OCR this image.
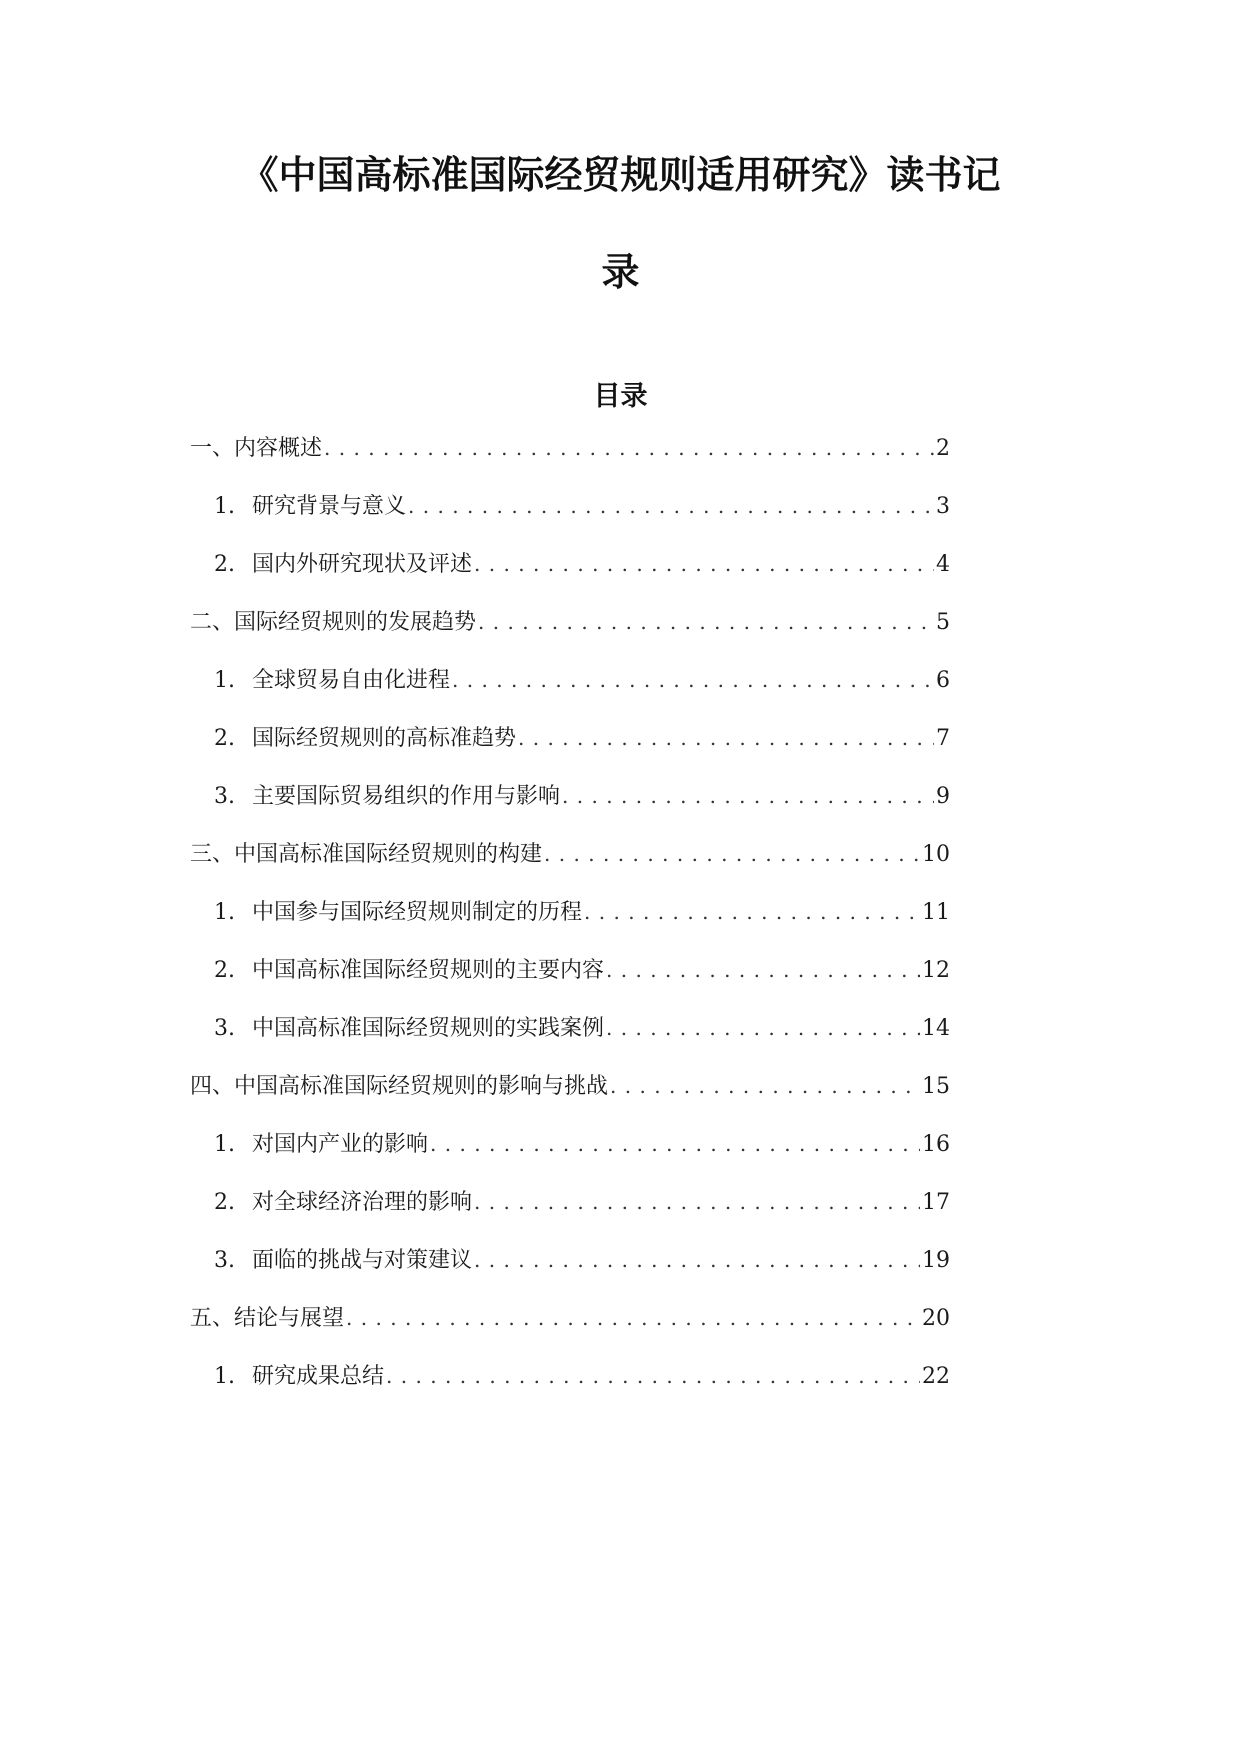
《中国高标准国际经贸规则适用研究》读书记
录
目录
一、内容概述 .....	2
1. 研究背景与意义 .....	3
2. 国内外研究现状及评述 .....	4
二、国际经贸规则的发展趋势 .....	5
1. 全球贸易自由化进程 .....	6
2. 国际经贸规则的高标准趋势 .....	7
3. 主要国际贸易组织的作用与影响 .....	9
三、中国高标准国际经贸规则的构建 .....	10
1. 中国参与国际经贸规则制定的历程 .....	11
2. 中国高标准国际经贸规则的主要内容 .....	12
3. 中国高标准国际经贸规则的实践案例 .....	14
四、中国高标准国际经贸规则的影响与挑战 .....	15
1. 对国内产业的影响 .....	16
2. 对全球经济治理的影响 .....	17
3. 面临的挑战与对策建议 .....	19
五、结论与展望 .....	20
1. 研究成果总结 .....	22
